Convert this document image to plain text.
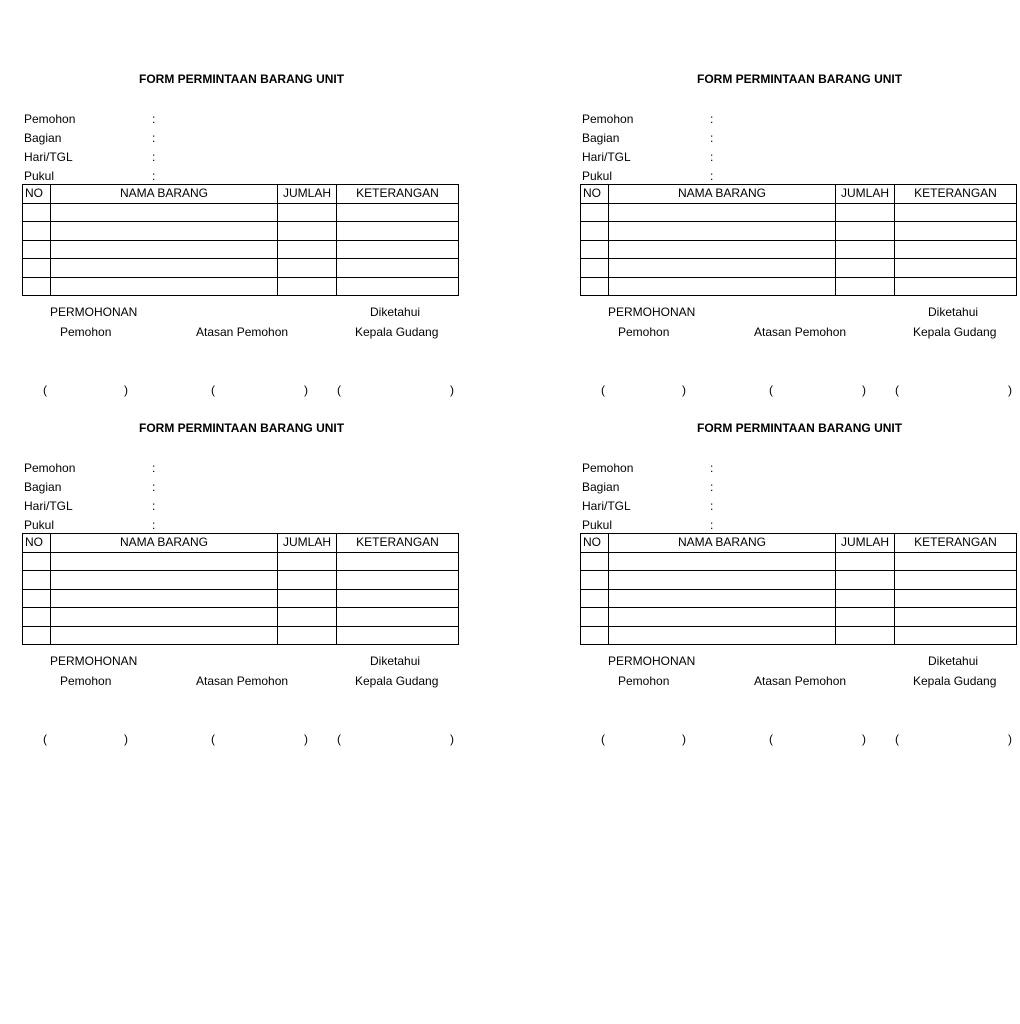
FORM PERMINTAAN BARANG UNIT
Pemohon	:
Bagian	:
Hari/TGL	:
Pukul	:
NO	NAMA BARANG	JUMLAH	KETERANGAN

PERMOHONAN	Diketahui
Pemohon	Atasan Pemohon	Kepala Gudang
(	)	(	) (	)
FORM PERMINTAAN BARANG UNIT
Pemohon	:
Bagian	:
Hari/TGL	:
Pukul	:
NO	NAMA BARANG	JUMLAH	KETERANGAN

PERMOHONAN	Diketahui
Pemohon	Atasan Pemohon	Kepala Gudang
(	)	(	) (	)
FORM PERMINTAAN BARANG UNIT
Pemohon	:
Bagian	:
Hari/TGL	:
Pukul	:
NO	NAMA BARANG	JUMLAH	KETERANGAN

PERMOHONAN	Diketahui
Pemohon	Atasan Pemohon	Kepala Gudang
(	)	(	) (	)
FORM PERMINTAAN BARANG UNIT
Pemohon	:
Bagian	:
Hari/TGL	:
Pukul	:
NO	NAMA BARANG	JUMLAH	KETERANGAN

PERMOHONAN	Diketahui
Pemohon	Atasan Pemohon	Kepala Gudang
(	)	(	) (	)
